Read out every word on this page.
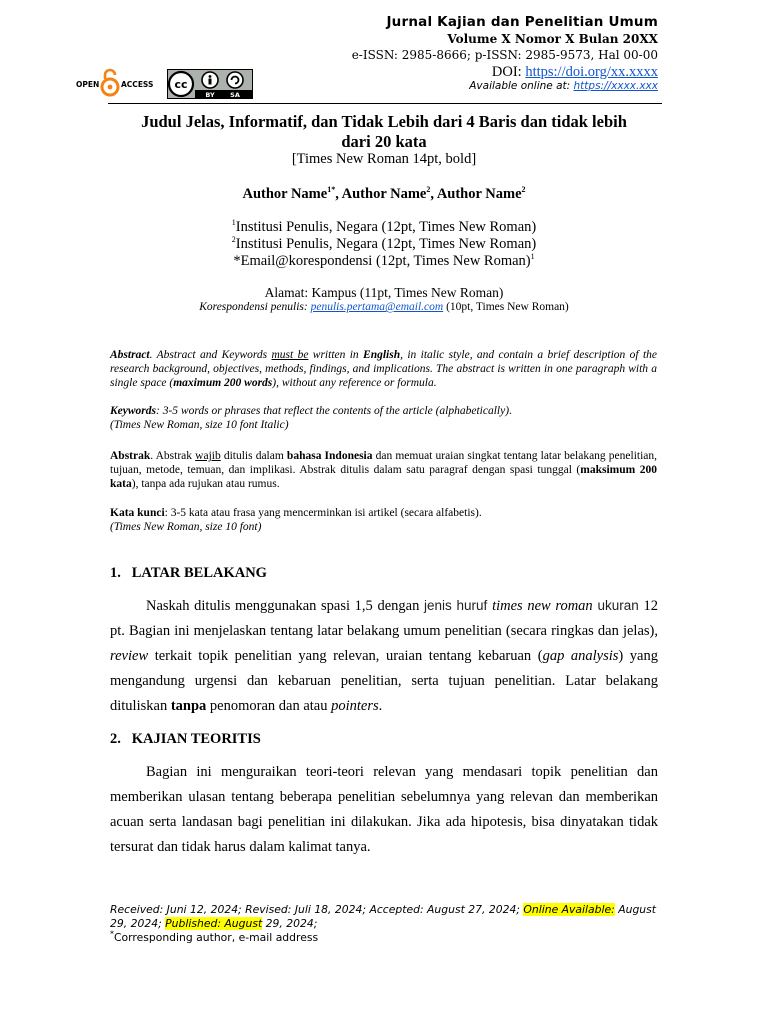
Jurnal Kajian dan Penelitian Umum
Volume X Nomor X Bulan 20XX
e-ISSN: 2985-8666; p-ISSN: 2985-9573, Hal 00-00
DOI: https://doi.org/xx.xxxx
Available online at: https://xxxx.xxx
OPEN	ACCESS cc
BY SA
Judul Jelas, Informatif, dan Tidak Lebih dari 4 Baris dan tidak lebih
dari 20 kata
[Times New Roman 14pt, bold]
Author Name$^{1*}$, Author Name$^2$, Author Name$^2$
$^1$Institusi Penulis, Negara (12pt, Times New Roman)
$^2$Institusi Penulis, Negara (12pt, Times New Roman)
*Email@korespondensi (12pt, Times New Roman)$^1$
Alamat: Kampus (11pt, Times New Roman)
Korespondensi penulis: penulis.pertama@email.com (10pt, Times New Roman)
Abstract. Abstract and Keywords must be written in English, in italic style, and contain a brief description of the research background, objectives, methods, findings, and implications. The abstract is written in one paragraph with a single space (maximum 200 words), without any reference or formula.
Keywords: 3-5 words or phrases that reflect the contents of the article (alphabetically).
(Times New Roman, size 10 font Italic)
Abstrak. Abstrak wajib ditulis dalam bahasa Indonesia dan memuat uraian singkat tentang latar belakang penelitian, tujuan, metode, temuan, dan implikasi. Abstrak ditulis dalam satu paragraf dengan spasi tunggal (maksimum 200 kata), tanpa ada rujukan atau rumus.
Kata kunci: 3-5 kata atau frasa yang mencerminkan isi artikel (secara alfabetis).
(Times New Roman, size 10 font)
1.   LATAR BELAKANG
Naskah ditulis menggunakan spasi 1,5 dengan jenis huruf times new roman ukuran 12 pt. Bagian ini menjelaskan tentang latar belakang umum penelitian (secara ringkas dan jelas), review terkait topik penelitian yang relevan, uraian tentang kebaruan (gap analysis) yang mengandung urgensi dan kebaruan penelitian, serta tujuan penelitian. Latar belakang dituliskan tanpa penomoran dan atau pointers.
2.   KAJIAN TEORITIS
Bagian ini menguraikan teori-teori relevan yang mendasari topik penelitian dan memberikan ulasan tentang beberapa penelitian sebelumnya yang relevan dan memberikan acuan serta landasan bagi penelitian ini dilakukan. Jika ada hipotesis, bisa dinyatakan tidak tersurat dan tidak harus dalam kalimat tanya.
Received: Juni 12, 2024; Revised: Juli 18, 2024; Accepted: August 27, 2024; Online Available: August 29, 2024; Published: August 29, 2024;
*Corresponding author, e-mail address
